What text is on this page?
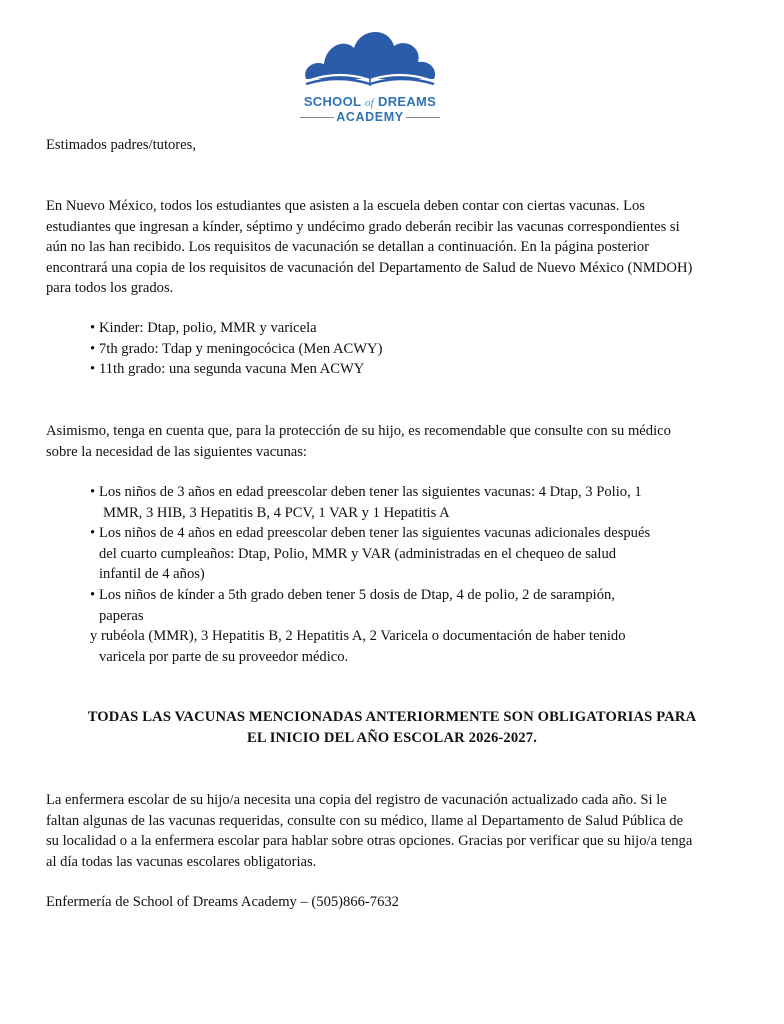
SCHOOL of DREAMS
ACADEMY

Estimados padres/tutores,

En Nuevo México, todos los estudiantes que asisten a la escuela deben contar con ciertas vacunas. Los estudiantes que ingresan a kínder, séptimo y undécimo grado deberán recibir las vacunas correspondientes si aún no las han recibido. Los requisitos de vacunación se detallan a continuación. En la página posterior encontrará una copia de los requisitos de vacunación del Departamento de Salud de Nuevo México (NMDOH) para todos los grados.

• Kinder: Dtap, polio, MMR y varicela
• 7th grado: Tdap y meningocócica (Men ACWY)
• 11th grado: una segunda vacuna Men ACWY

Asimismo, tenga en cuenta que, para la protección de su hijo, es recomendable que consulte con su médico sobre la necesidad de las siguientes vacunas:

• Los niños de 3 años en edad preescolar deben tener las siguientes vacunas: 4 Dtap, 3 Polio, 1
MMR, 3 HIB, 3 Hepatitis B, 4 PCV, 1 VAR y 1 Hepatitis A
• Los niños de 4 años en edad preescolar deben tener las siguientes vacunas adicionales después
del cuarto cumpleaños: Dtap, Polio, MMR y VAR (administradas en el chequeo de salud
infantil de 4 años)
• Los niños de kínder a 5th grado deben tener 5 dosis de Dtap, 4 de polio, 2 de sarampión,
paperas
y rubéola (MMR), 3 Hepatitis B, 2 Hepatitis A, 2 Varicela o documentación de haber tenido
varicela por parte de su proveedor médico.
TODAS LAS VACUNAS MENCIONADAS ANTERIORMENTE SON OBLIGATORIAS PARA
EL INICIO DEL AÑO ESCOLAR 2026-2027.

La enfermera escolar de su hijo/a necesita una copia del registro de vacunación actualizado cada año. Si le faltan algunas de las vacunas requeridas, consulte con su médico, llame al Departamento de Salud Pública de su localidad o a la enfermera escolar para hablar sobre otras opciones. Gracias por verificar que su hijo/a tenga al día todas las vacunas escolares obligatorias.

Enfermería de School of Dreams Academy – (505)866-7632
